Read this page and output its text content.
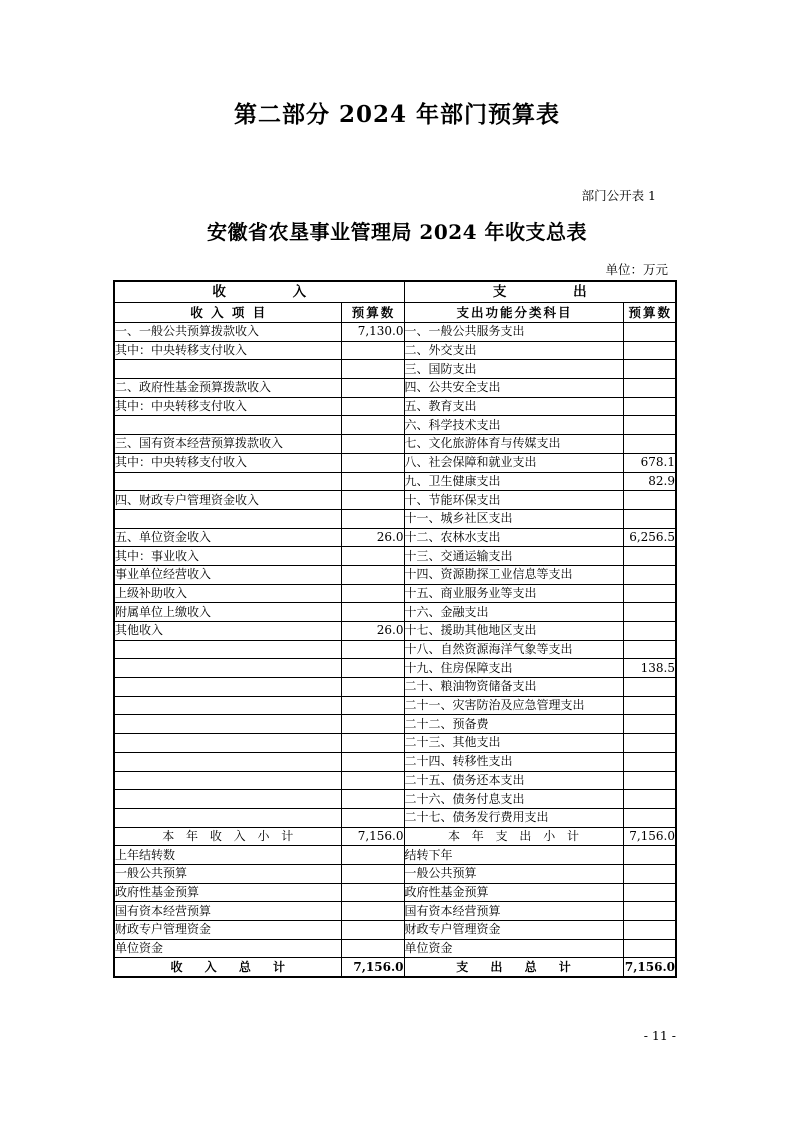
第二部分 2024 年部门预算表
部门公开表 1
安徽省农垦事业管理局 2024 年收支总表
单位：万元
收 入		支 出	
收 入 项 目	预算数	支出功能分类科目	预算数
一、一般公共预算拨款收入	7,130.0	一、一般公共服务支出	
其中：中央转移支付收入		二、外交支出	
		三、国防支出	
二、政府性基金预算拨款收入		四、公共安全支出	
其中：中央转移支付收入		五、教育支出	
		六、科学技术支出	
三、国有资本经营预算拨款收入		七、文化旅游体育与传媒支出	
其中：中央转移支付收入		八、社会保障和就业支出	678.1
		九、卫生健康支出	82.9
四、财政专户管理资金收入		十、节能环保支出	
		十一、城乡社区支出	
五、单位资金收入	26.0	十二、农林水支出	6,256.5
其中：事业收入		十三、交通运输支出	
事业单位经营收入		十四、资源勘探工业信息等支出	
上级补助收入		十五、商业服务业等支出	
附属单位上缴收入		十六、金融支出	
其他收入	26.0	十七、援助其他地区支出	
		十八、自然资源海洋气象等支出	
		十九、住房保障支出	138.5
		二十、粮油物资储备支出	
		二十一、灾害防治及应急管理支出	
		二十二、预备费	
		二十三、其他支出	
		二十四、转移性支出	
		二十五、债务还本支出	
		二十六、债务付息支出	
		二十七、债务发行费用支出	
本 年 收 入 小 计	7,156.0	本 年 支 出 小 计	7,156.0
上年结转数		结转下年	
一般公共预算		一般公共预算	
政府性基金预算		政府性基金预算	
国有资本经营预算		国有资本经营预算	
财政专户管理资金		财政专户管理资金	
单位资金		单位资金	
收 入 总 计	7,156.0	支 出 总 计	7,156.0
- 11 -
